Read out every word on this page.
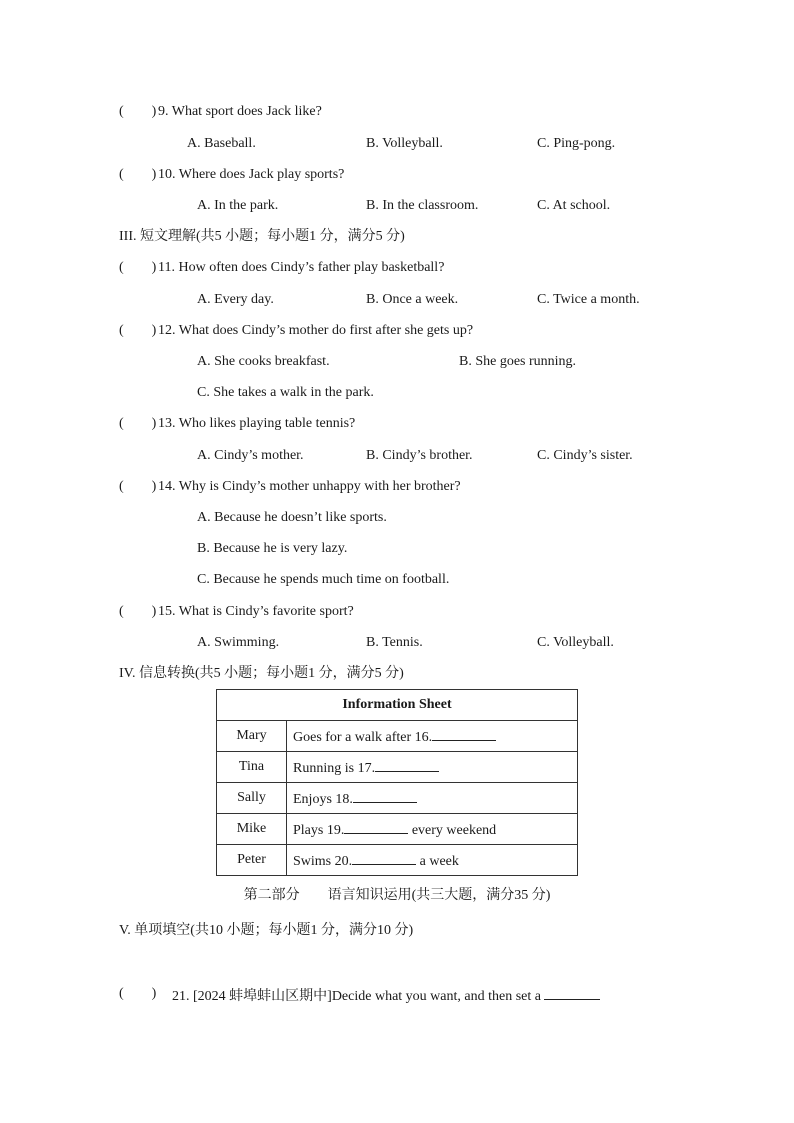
(　　) 9. What sport does Jack like?
A. Baseball.	B. Volleyball.	C. Ping-pong.
(　　) 10. Where does Jack play sports?
A. In the park.	B. In the classroom.	C. At school.
III. 短文理解(共5 小题；每小题1 分，满分5 分)
(　　) 11. How often does Cindy’s father play basketball?
A. Every day.	B. Once a week.	C. Twice a month.
(　　) 12. What does Cindy’s mother do first after she gets up?
A. She cooks breakfast.	B. She goes running.
C. She takes a walk in the park.
(　　) 13. Who likes playing table tennis?
A. Cindy’s mother.	B. Cindy’s brother.	C. Cindy’s sister.
(　　) 14. Why is Cindy’s mother unhappy with her brother?
A. Because he doesn’t like sports.
B. Because he is very lazy.
C. Because he spends much time on football.
(　　) 15. What is Cindy’s favorite sport?
A. Swimming.	B. Tennis.	C. Volleyball.
IV. 信息转换(共5 小题；每小题1 分，满分5 分)
Information Sheet	
Mary	Goes for a walk after 16.
Tina	Running is 17.
Sally	Enjoys 18.
Mike	Plays 19. every weekend
Peter	Swims 20. a week
第二部分　　语言知识运用(共三大题，满分35 分)
V. 单项填空(共10 小题；每小题1 分，满分10 分)
(　　) 21. [2024 蚌埠蚌山区期中]Decide what you want, and then set a
